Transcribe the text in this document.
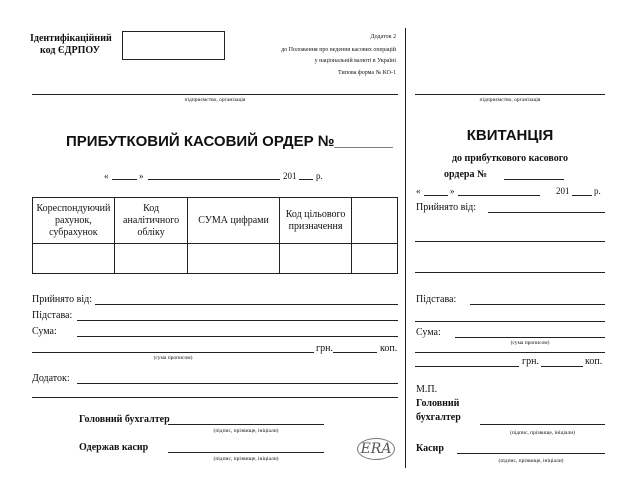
Ідентифікаційний
код ЄДРПОУ
Додаток 2
до Положення про ведення касових операцій
у національній валюті в Україні
Типова форма № КО-1
підприємство, організація
ПРИБУТКОВИЙ КАСОВИЙ ОРДЕР №_______
«	»	201 р.
Кореспондуючий рахунок, субрахунок	Код аналітичного обліку	СУМА цифрами	Код цільового призначення	

Прийнято від:
Підстава:
Сума:
грн.	коп.
(сума прописом)
Додаток:
Головний бухгалтер
(підпис, прізвище, ініціали)
Одержав касир
(підпис, прізвище, ініціали)
ERA
підприємство, організація
КВИТАНЦІЯ
до прибуткового касового
ордера №
«	»	201	р.
Прийнято від:
Підстава:
Сума:
(сума прописом)
грн.	коп.
М.П.
Головний
бухгалтер
(підпис, прізвище, ініціали)
Касир
(підпис, прізвище, ініціали)
